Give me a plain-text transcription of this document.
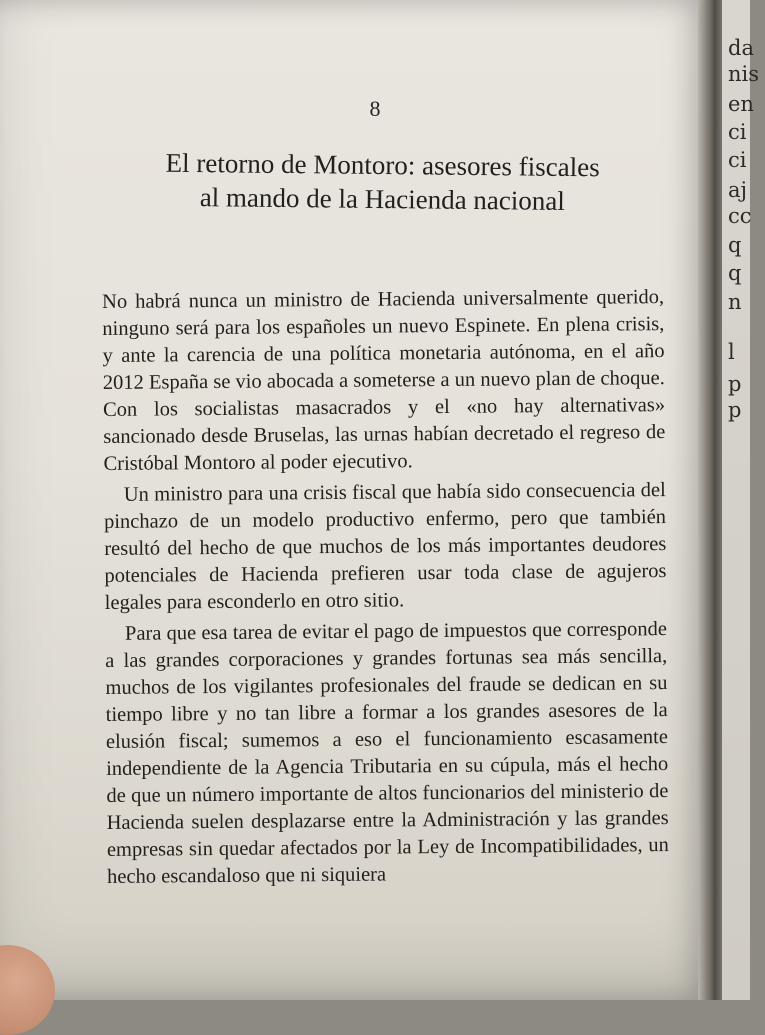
da
nis
en
ci
ci
aj
cc
q
q
n
l
p
p
8
El retorno de Montoro: asesores fiscales
al mando de la Hacienda nacional

No habrá nunca un ministro de Hacienda universalmente querido, ninguno será para los españoles un nuevo Espinete. En plena crisis, y ante la carencia de una política monetaria autónoma, en el año 2012 España se vio abocada a someterse a un nuevo plan de choque. Con los socialistas masacrados y el «no hay alternativas» sancionado desde Bruselas, las urnas habían decretado el regreso de Cristóbal Montoro al poder ejecutivo.

Un ministro para una crisis fiscal que había sido consecuencia del pinchazo de un modelo productivo enfermo, pero que también resultó del hecho de que muchos de los más importantes deudores potenciales de Hacienda prefieren usar toda clase de agujeros legales para esconderlo en otro sitio.

Para que esa tarea de evitar el pago de impuestos que corresponde a las grandes corporaciones y grandes fortunas sea más sencilla, muchos de los vigilantes profesionales del fraude se dedican en su tiempo libre y no tan libre a formar a los grandes asesores de la elusión fiscal; sumemos a eso el funcionamiento escasamente independiente de la Agencia Tributaria en su cúpula, más el hecho de que un número importante de altos funcionarios del ministerio de Hacienda suelen desplazarse entre la Administración y las grandes empresas sin quedar afectados por la Ley de Incompatibilidades, un hecho escandaloso que ni siquiera
